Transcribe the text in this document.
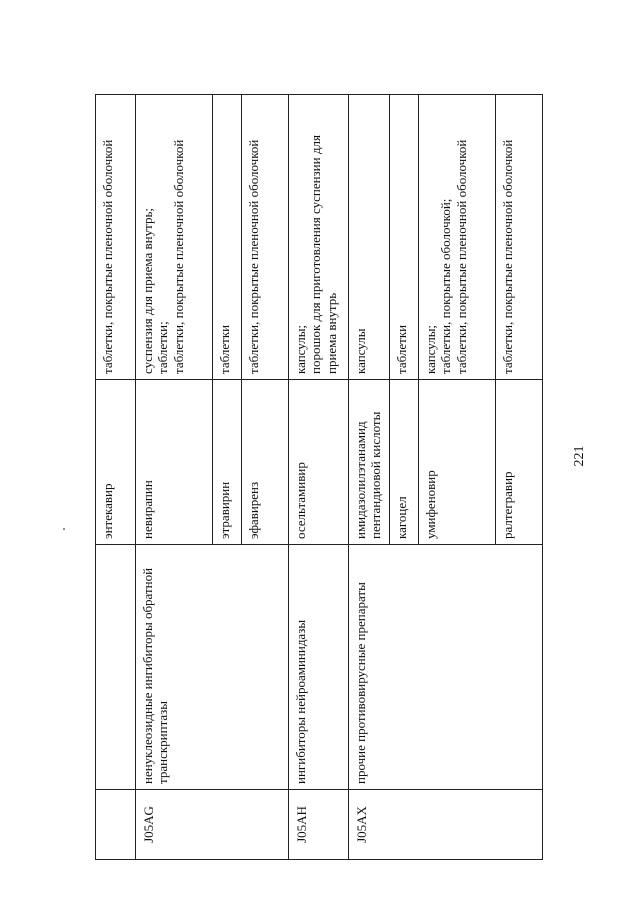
		энтекавир	таблетки, покрытые пленочной оболочкой

J05AG	ненуклеозидные ингибиторы обратной транскриптазы	невирапин	суспензия для приема внутрь; таблетки; таблетки, покрытые пленочной оболочкой

		этравирин	таблетки

		эфавиренз	таблетки, покрытые пленочной оболочкой

J05AH	ингибиторы нейроаминидазы	осельтамивир	капсулы; порошок для приготовления суспензии для приема внутрь

J05AX	прочие противовирусные препараты	имидазолилэтанамид пентандиовой кислоты	капсулы

		кагоцел	таблетки

		умифеновир	капсулы; таблетки, покрытые оболочкой; таблетки, покрытые пленочной оболочкой

		ралтегравир	таблетки, покрытые пленочной оболочкой
221
